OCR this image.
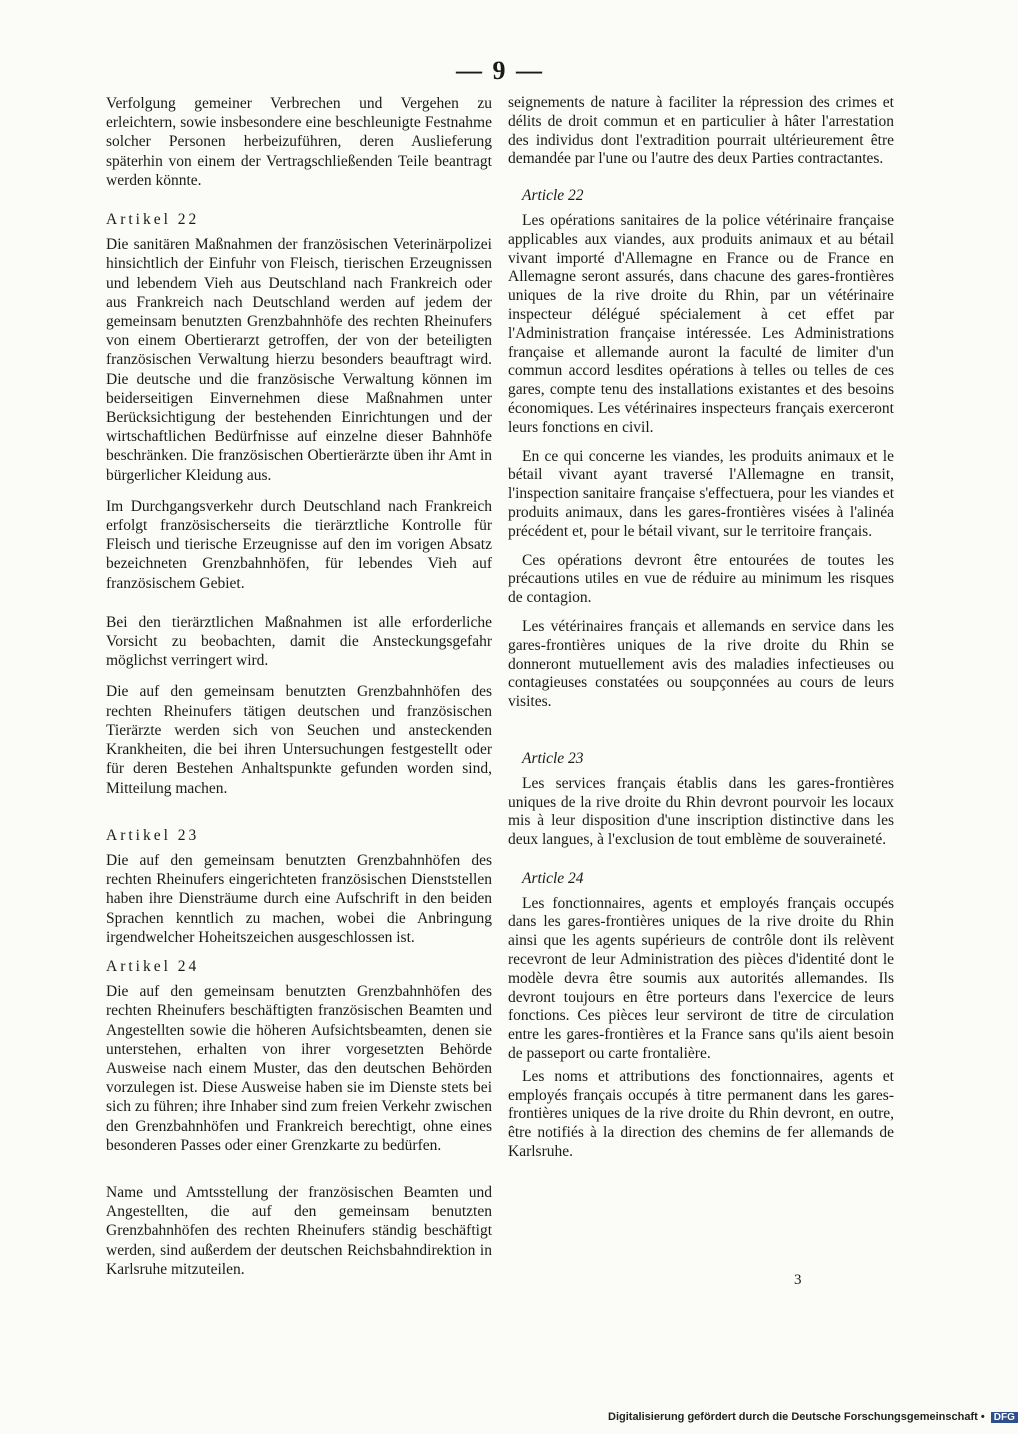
— 9 —

Verfolgung gemeiner Verbrechen und Vergehen zu erleichtern, sowie insbesondere eine beschleunigte Festnahme solcher Personen herbeizuführen, deren Auslieferung späterhin von einem der Vertragschließenden Teile beantragt werden könnte.

Artikel 22

Die sanitären Maßnahmen der französischen Veterinärpolizei hinsichtlich der Einfuhr von Fleisch, tierischen Erzeugnissen und lebendem Vieh aus Deutschland nach Frankreich oder aus Frankreich nach Deutschland werden auf jedem der gemeinsam benutzten Grenzbahnhöfe des rechten Rheinufers von einem Obertierarzt getroffen, der von der beteiligten französischen Verwaltung hierzu besonders beauftragt wird. Die deutsche und die französische Verwaltung können im beiderseitigen Einvernehmen diese Maßnahmen unter Berücksichtigung der bestehenden Einrichtungen und der wirtschaftlichen Bedürfnisse auf einzelne dieser Bahnhöfe beschränken. Die französischen Obertierärzte üben ihr Amt in bürgerlicher Kleidung aus.

Im Durchgangsverkehr durch Deutschland nach Frankreich erfolgt französischerseits die tierärztliche Kontrolle für Fleisch und tierische Erzeugnisse auf den im vorigen Absatz bezeichneten Grenzbahnhöfen, für lebendes Vieh auf französischem Gebiet.

Bei den tierärztlichen Maßnahmen ist alle erforderliche Vorsicht zu beobachten, damit die Ansteckungsgefahr möglichst verringert wird.

Die auf den gemeinsam benutzten Grenzbahnhöfen des rechten Rheinufers tätigen deutschen und französischen Tierärzte werden sich von Seuchen und ansteckenden Krankheiten, die bei ihren Untersuchungen festgestellt oder für deren Bestehen Anhaltspunkte gefunden worden sind, Mitteilung machen.

Artikel 23

Die auf den gemeinsam benutzten Grenzbahnhöfen des rechten Rheinufers eingerichteten französischen Dienststellen haben ihre Diensträume durch eine Aufschrift in den beiden Sprachen kenntlich zu machen, wobei die Anbringung irgendwelcher Hoheitszeichen ausgeschlossen ist.

Artikel 24

Die auf den gemeinsam benutzten Grenzbahnhöfen des rechten Rheinufers beschäftigten französischen Beamten und Angestellten sowie die höheren Aufsichtsbeamten, denen sie unterstehen, erhalten von ihrer vorgesetzten Behörde Ausweise nach einem Muster, das den deutschen Behörden vorzulegen ist. Diese Ausweise haben sie im Dienste stets bei sich zu führen; ihre Inhaber sind zum freien Verkehr zwischen den Grenzbahnhöfen und Frankreich berechtigt, ohne eines besonderen Passes oder einer Grenzkarte zu bedürfen.

Name und Amtsstellung der französischen Beamten und Angestellten, die auf den gemeinsam benutzten Grenzbahnhöfen des rechten Rheinufers ständig beschäftigt werden, sind außerdem der deutschen Reichsbahndirektion in Karlsruhe mitzuteilen.

seignements de nature à faciliter la répression des crimes et délits de droit commun et en particulier à hâter l'arrestation des individus dont l'extradition pourrait ultérieurement être demandée par l'une ou l'autre des deux Parties contractantes.

Article 22

Les opérations sanitaires de la police vétérinaire française applicables aux viandes, aux produits animaux et au bétail vivant importé d'Allemagne en France ou de France en Allemagne seront assurés, dans chacune des gares-frontières uniques de la rive droite du Rhin, par un vétérinaire inspecteur délégué spécialement à cet effet par l'Administration française intéressée. Les Administrations française et allemande auront la faculté de limiter d'un commun accord lesdites opérations à telles ou telles de ces gares, compte tenu des installations existantes et des besoins économiques. Les vétérinaires inspecteurs français exerceront leurs fonctions en civil.

En ce qui concerne les viandes, les produits animaux et le bétail vivant ayant traversé l'Allemagne en transit, l'inspection sanitaire française s'effectuera, pour les viandes et produits animaux, dans les gares-frontières visées à l'alinéa précédent et, pour le bétail vivant, sur le territoire français.

Ces opérations devront être entourées de toutes les précautions utiles en vue de réduire au minimum les risques de contagion.

Les vétérinaires français et allemands en service dans les gares-frontières uniques de la rive droite du Rhin se donneront mutuellement avis des maladies infectieuses ou contagieuses constatées ou soupçonnées au cours de leurs visites.

Article 23

Les services français établis dans les gares-frontières uniques de la rive droite du Rhin devront pourvoir les locaux mis à leur disposition d'une inscription distinctive dans les deux langues, à l'exclusion de tout emblème de souveraineté.

Article 24

Les fonctionnaires, agents et employés français occupés dans les gares-frontières uniques de la rive droite du Rhin ainsi que les agents supérieurs de contrôle dont ils relèvent recevront de leur Administration des pièces d'identité dont le modèle devra être soumis aux autorités allemandes. Ils devront toujours en être porteurs dans l'exercice de leurs fonctions. Ces pièces leur serviront de titre de circulation entre les gares-frontières et la France sans qu'ils aient besoin de passeport ou carte frontalière.

Les noms et attributions des fonctionnaires, agents et employés français occupés à titre permanent dans les gares-frontières uniques de la rive droite du Rhin devront, en outre, être notifiés à la direction des chemins de fer allemands de Karlsruhe.

3
Digitalisierung gefördert durch die Deutsche Forschungsgemeinschaft • DFG
